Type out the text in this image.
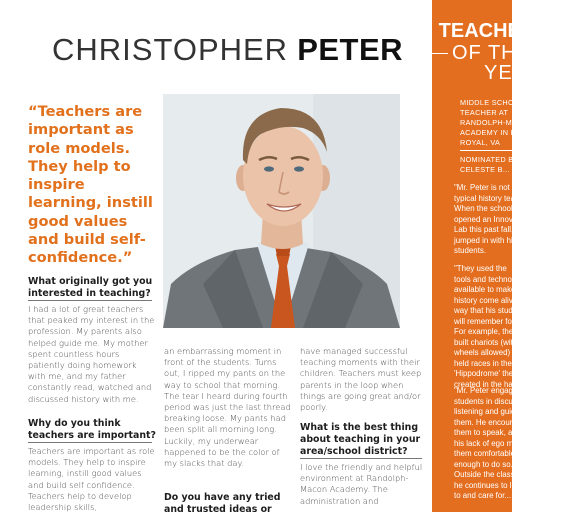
CHRISTOPHER PETER
“Teachers are important as role models. They help to inspire learning, instill good values and build self-confidence.”
What originally got you interested in teaching?
I had a lot of great teachers that peaked my interest in the profession. My parents also helped guide me. My mother spent countless hours patiently doing homework with me, and my father constantly read, watched and discussed history with me.
Why do you think teachers are important?
Teachers are important as role models. They help to inspire learning, instill good values and build self confidence. Teachers help to develop leadership skills,
an embarrassing moment in front of the students. Turns out, I ripped my pants on the way to school that morning. The tear I heard during fourth period was just the last thread breaking loose. My pants had been split all morning long. Luckily, my underwear happened to be the color of my slacks that day.
Do you have any tried and trusted ideas or
have managed successful teaching moments with their children. Teachers must keep parents in the loop when things are going great and/or poorly.
What is the best thing about teaching in your area/school district?
I love the friendly and helpful environment at Randolph-Macon Academy. The administration and
TEACHER
OF THE
YEAR
MIDDLE SCHOOL
TEACHER AT
RANDOLPH-MACON
ACADEMY IN FRONT
ROYAL, VA
NOMINATED BY
CELESTE B...
"Mr. Peter is not your
typical history teacher.
When the school
opened an Innovation
Lab this past fall, he
jumped in with his
students.
"They used the
tools and technology
available to make
history come alive in a
way that his students
will remember forever.
For example, they
built chariots (with
wheels allowed) and
held races in the
'Hippodrome' they
created in the hall.
"Mr. Peter engages
students in discussion,
listening and guiding
them. He encourages
them to speak, and
his lack of ego makes
them comfortable
enough to do so.
Outside the classroom
he continues to listen
to and care for...
